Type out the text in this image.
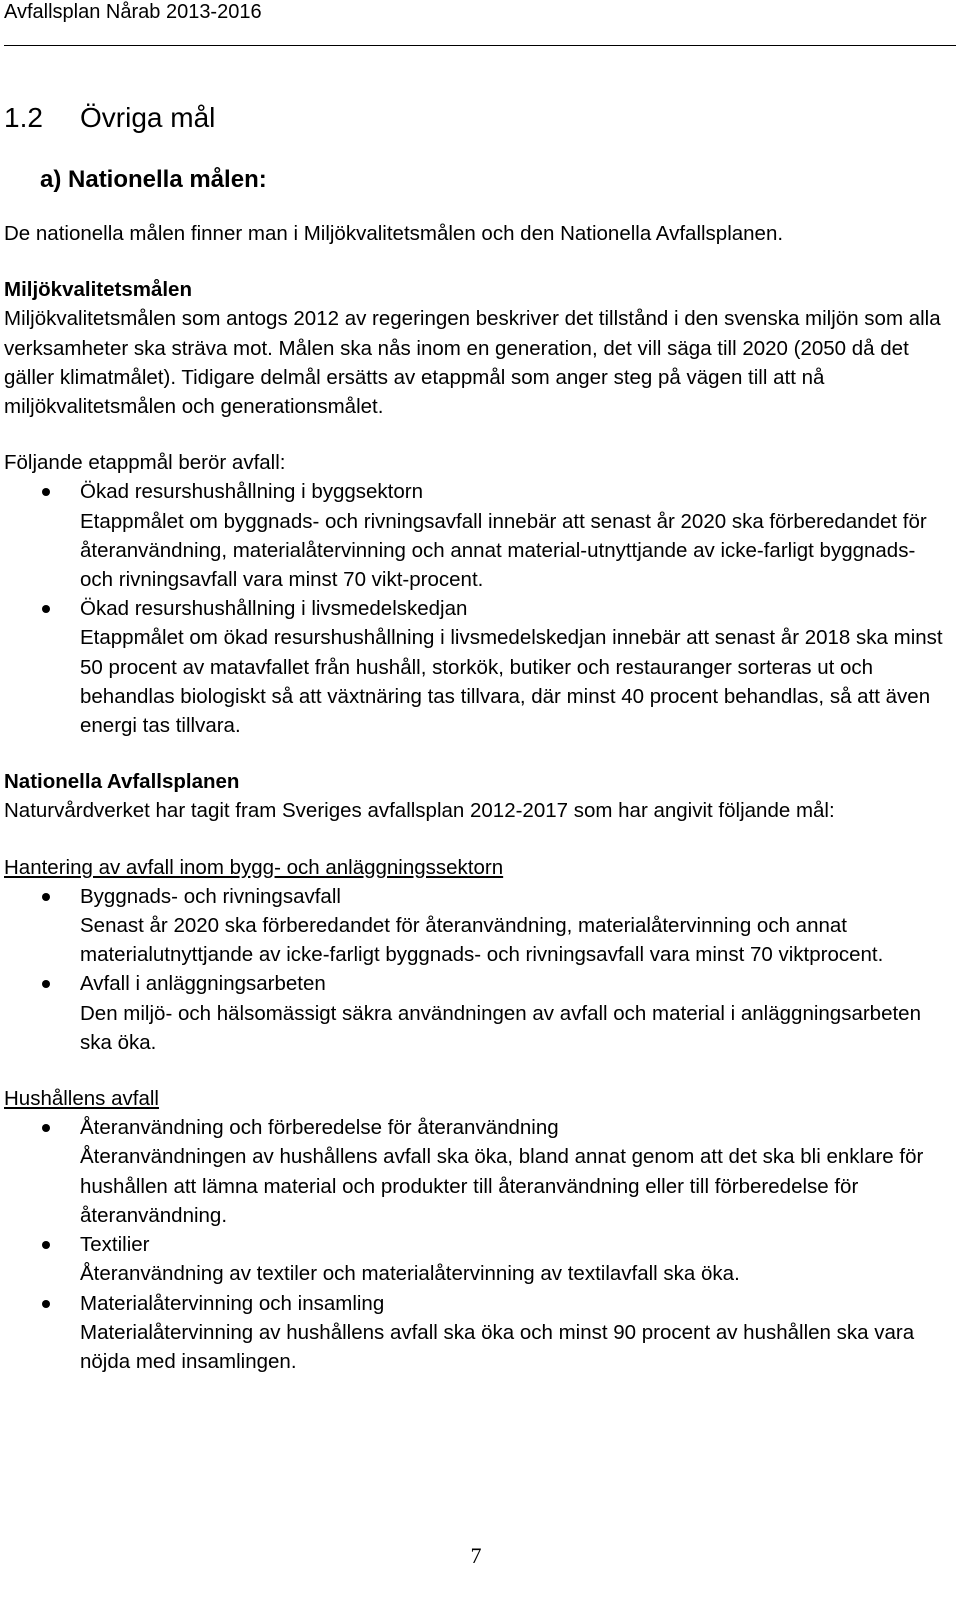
Avfallsplan Nårab 2013-2016
1.2 Övriga mål
a) Nationella målen:

De nationella målen finner man i Miljökvalitetsmålen och den Nationella Avfallsplanen.

Miljökvalitetsmålen

Miljökvalitetsmålen som antogs 2012 av regeringen beskriver det tillstånd i den svenska miljön som alla verksamheter ska sträva mot. Målen ska nås inom en generation, det vill säga till 2020 (2050 då det gäller klimatmålet). Tidigare delmål ersätts av etappmål som anger steg på vägen till att nå miljökvalitetsmålen och generationsmålet.

Följande etappmål berör avfall:

Ökad resurshushållning i byggsektorn
Etappmålet om byggnads- och rivningsavfall innebär att senast år 2020 ska förberedandet för återanvändning, materialåtervinning och annat material-utnyttjande av icke-farligt byggnads- och rivningsavfall vara minst 70 vikt-procent.
Ökad resurshushållning i livsmedelskedjan
Etappmålet om ökad resurshushållning i livsmedelskedjan innebär att senast år 2018 ska minst 50 procent av matavfallet från hushåll, storkök, butiker och restauranger sorteras ut och behandlas biologiskt så att växtnäring tas tillvara, där minst 40 procent behandlas, så att även energi tas tillvara.

Nationella Avfallsplanen

Naturvårdverket har tagit fram Sveriges avfallsplan 2012-2017 som har angivit följande mål:

Hantering av avfall inom bygg- och anläggningssektorn

Byggnads- och rivningsavfall
Senast år 2020 ska förberedandet för återanvändning, materialåtervinning och annat materialutnyttjande av icke-farligt byggnads- och rivningsavfall vara minst 70 viktprocent.
Avfall i anläggningsarbeten
Den miljö- och hälsomässigt säkra användningen av avfall och material i anläggningsarbeten ska öka.

Hushållens avfall

Återanvändning och förberedelse för återanvändning
Återanvändningen av hushållens avfall ska öka, bland annat genom att det ska bli enklare för hushållen att lämna material och produkter till återanvändning eller till förberedelse för återanvändning.
Textilier
Återanvändning av textiler och materialåtervinning av textilavfall ska öka.
Materialåtervinning och insamling
Materialåtervinning av hushållens avfall ska öka och minst 90 procent av hushållen ska vara nöjda med insamlingen.
7
